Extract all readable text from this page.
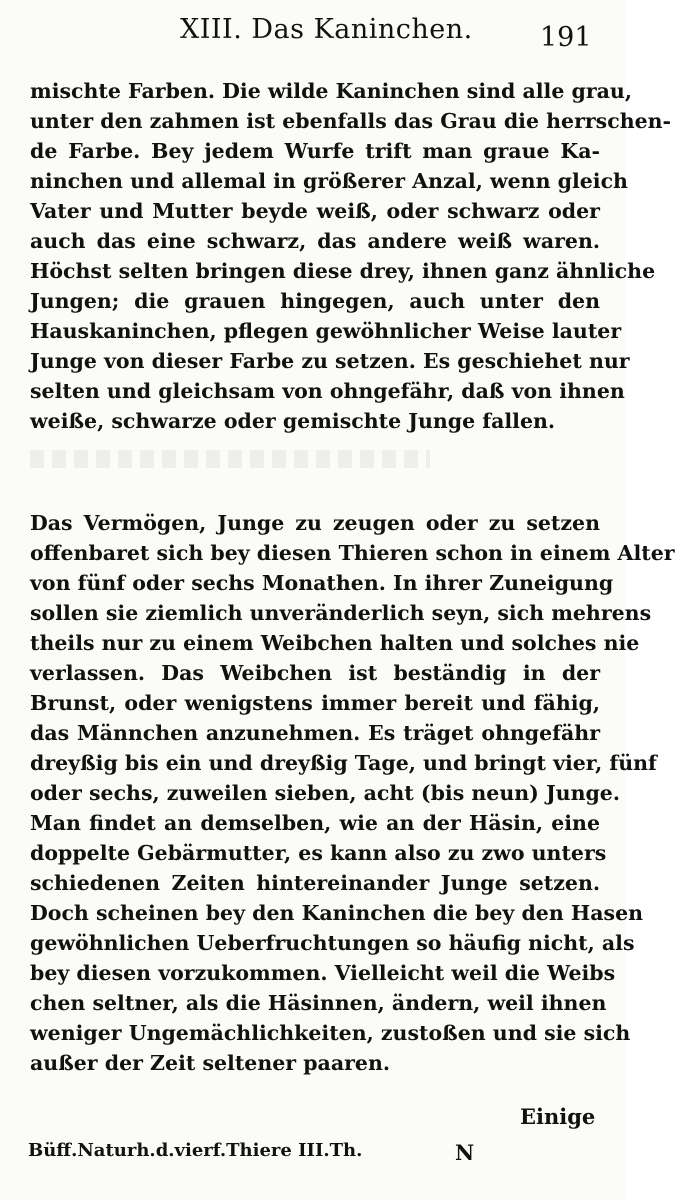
XIII. Das Kaninchen. 191
mischte Farben. Die wilde Kaninchen sind alle grau,
unter den zahmen ist ebenfalls das Grau die herrschen-
de Farbe. Bey jedem Wurfe trift man graue Ka-
ninchen und allemal in größerer Anzal, wenn gleich
Vater und Mutter beyde weiß, oder schwarz oder
auch das eine schwarz, das andere weiß waren.
Höchst selten bringen diese drey, ihnen ganz ähnliche
Jungen; die grauen hingegen, auch unter den
Hauskaninchen, pflegen gewöhnlicher Weise lauter
Junge von dieser Farbe zu setzen. Es geschiehet nur
selten und gleichsam von ohngefähr, daß von ihnen
weiße, schwarze oder gemischte Junge fallen.
Das Vermögen, Junge zu zeugen oder zu setzen
offenbaret sich bey diesen Thieren schon in einem Alter
von fünf oder sechs Monathen. In ihrer Zuneigung
sollen sie ziemlich unveränderlich seyn, sich mehrens
theils nur zu einem Weibchen halten und solches nie
verlassen. Das Weibchen ist beständig in der
Brunst, oder wenigstens immer bereit und fähig,
das Männchen anzunehmen. Es träget ohngefähr
dreyßig bis ein und dreyßig Tage, und bringt vier, fünf
oder sechs, zuweilen sieben, acht (bis neun) Junge.
Man findet an demselben, wie an der Häsin, eine
doppelte Gebärmutter, es kann also zu zwo unters
schiedenen Zeiten hintereinander Junge setzen.
Doch scheinen bey den Kaninchen die bey den Hasen
gewöhnlichen Ueberfruchtungen so häufig nicht, als
bey diesen vorzukommen. Vielleicht weil die Weibs
chen seltner, als die Häsinnen, ändern, weil ihnen
weniger Ungemächlichkeiten, zustoßen und sie sich
außer der Zeit seltener paaren.
Einige
Büff.Naturh.d.vierf.Thiere III.Th.	N
